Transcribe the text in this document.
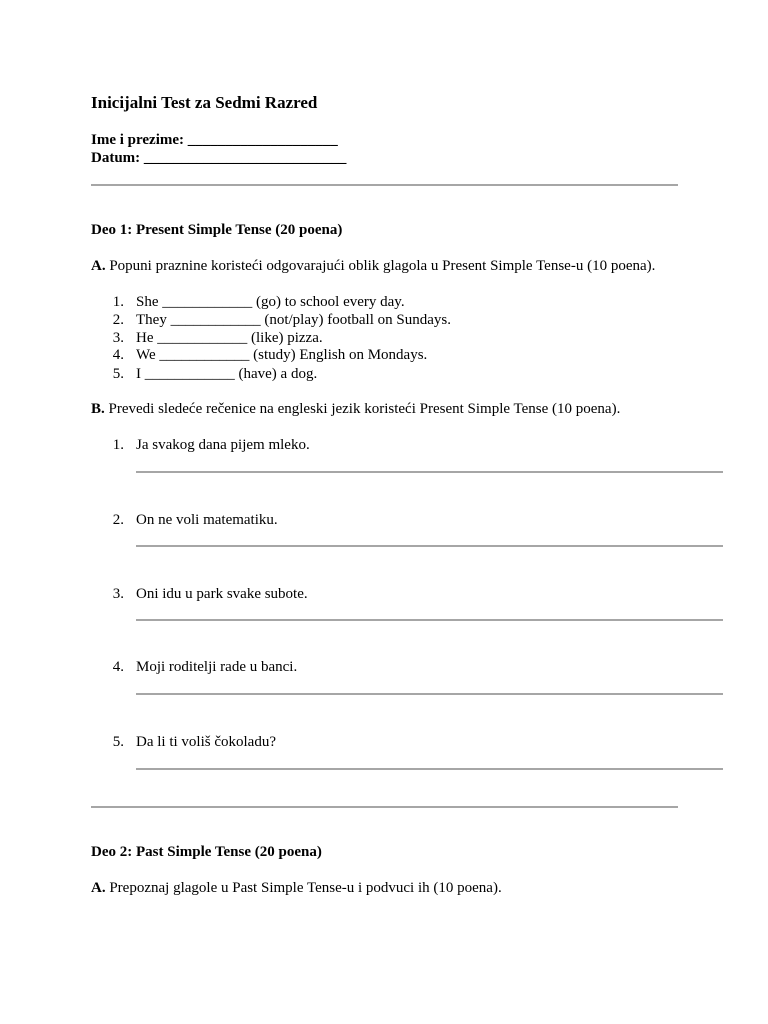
Inicijalni Test za Sedmi Razred
Ime i prezime: ____________________
Datum: ___________________________
Deo 1: Present Simple Tense (20 poena)
A. Popuni praznine koristeći odgovarajući oblik glagola u Present Simple Tense-u (10 poena).
1. She ____________ (go) to school every day.
2. They ____________ (not/play) football on Sundays.
3. He ____________ (like) pizza.
4. We ____________ (study) English on Mondays.
5. I ____________ (have) a dog.
B. Prevedi sledeće rečenice na engleski jezik koristeći Present Simple Tense (10 poena).
1. Ja svakog dana pijem mleko.
2. On ne voli matematiku.
3. Oni idu u park svake subote.
4. Moji roditelji rade u banci.
5. Da li ti voliš čokoladu?
Deo 2: Past Simple Tense (20 poena)
A. Prepoznaj glagole u Past Simple Tense-u i podvuci ih (10 poena).
